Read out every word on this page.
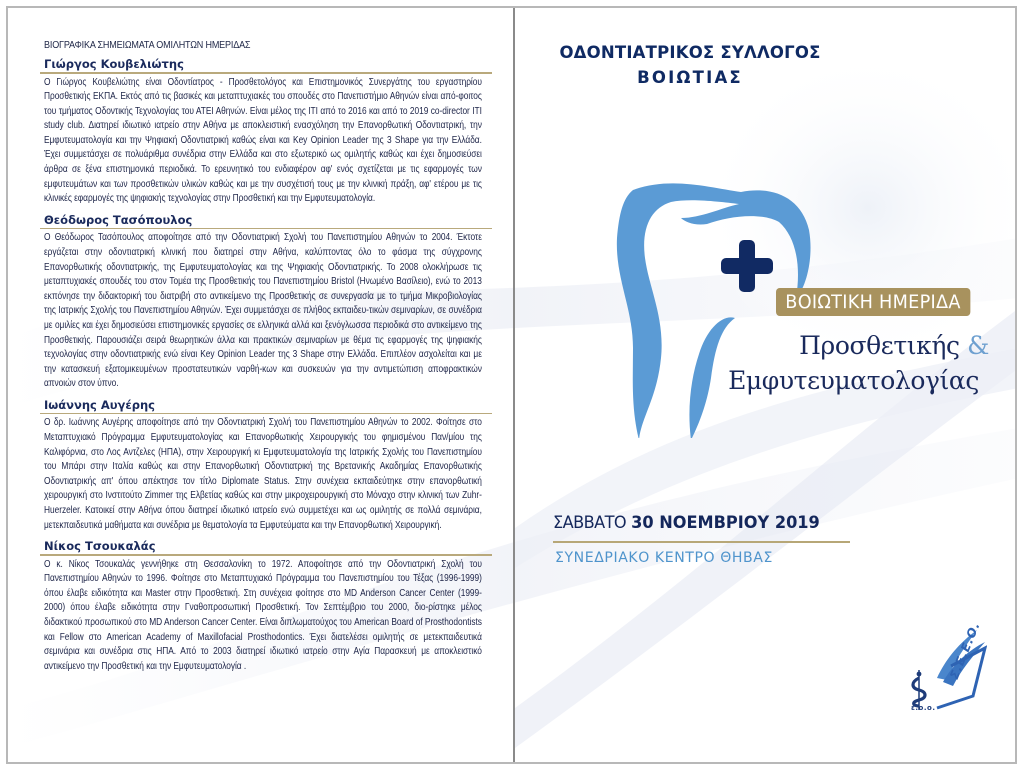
ΒΙΟΓΡΑΦΙΚΑ ΣΗΜΕΙΩΜΑΤΑ ΟΜΙΛΗΤΩΝ ΗΜΕΡΙΔΑΣ
Γιώργος Κουβελιώτης
Ο Γιώργος Κουβελιώτης είναι Οδοντίατρος - Προσθετολόγος και Επιστημονικός Συνεργάτης του εργαστηρίου Προσθετικής ΕΚΠΑ. Εκτός από τις βασικές και μεταπτυχιακές του σπουδές στο Πανεπιστήμιο Αθηνών είναι από-φοιτος του τμήματος Οδοντικής Τεχνολογίας του ΑΤΕΙ Αθηνών. Είναι μέλος της ITI από το 2016 και από το 2019 co-director ITI study club. Διατηρεί ιδιωτικό ιατρείο στην Αθήνα με αποκλειστική ενασχόληση την Επανορθωτική Οδοντιατρική, την Εμφυτευματολογία και την Ψηφιακή Οδοντιατρική καθώς είναι και Key Opinion Leader της 3 Shape για την Ελλάδα. Έχει συμμετάσχει σε πολυάριθμα συνέδρια στην Ελλάδα και στο εξωτερικό ως ομιλητής καθώς και έχει δημοσιεύσει άρθρα σε ξένα επιστημονικά περιοδικά. Το ερευνητικό του ενδιαφέρον αφ' ενός σχετίζεται με τις εφαρμογές των εμφυτευμάτων και των προσθετικών υλικών καθώς και με την συσχέτισή τους με την κλινική πράξη, αφ' ετέρου με τις κλινικές εφαρμογές της ψηφιακής τεχνολογίας στην Προσθετική και την Εμφυτευματολογία.
Θεόδωρος Τασόπουλος
Ο Θεόδωρος Τασόπουλος αποφοίτησε από την Οδοντιατρική Σχολή του Πανεπιστημίου Αθηνών το 2004. Έκτοτε εργάζεται στην οδοντιατρική κλινική που διατηρεί στην Αθήνα, καλύπτοντας όλο το φάσμα της σύγχρονης Επανορθωτικής οδοντιατρικής, της Εμφυτευματολογίας και της Ψηφιακής Οδοντιατρικής. Το 2008 ολοκλήρωσε τις μεταπτυχιακές σπουδές του στον Τομέα της Προσθετικής του Πανεπιστημίου Bristol (Ηνωμένο Βασίλειο), ενώ το 2013 εκπόνησε την διδακτορική του διατριβή στο αντικείμενο της Προσθετικής σε συνεργασία με το τμήμα Μικροβιολογίας της Ιατρικής Σχολής του Πανεπιστημίου Αθηνών. Έχει συμμετάσχει σε πλήθος εκπαιδευ-τικών σεμιναρίων, σε συνέδρια με ομιλίες και έχει δημοσιεύσει επιστημονικές εργασίες σε ελληνικά αλλά και ξενόγλωσσα περιοδικά στο αντικείμενο της Προσθετικής. Παρουσιάζει σειρά θεωρητικών άλλα και πρακτικών σεμιναρίων με θέμα τις εφαρμογές της ψηφιακής τεχνολογίας στην οδοντιατρικής ενώ είναι Key Opinion Leader της 3 Shape στην Ελλάδα. Επιπλέον ασχολείται και με την κατασκευή εξατομικευμένων προστατευτικών ναρθή-κων και συσκευών για την αντιμετώπιση αποφρακτικών απνοιών στον ύπνο.
Ιωάννης Αυγέρης
Ο δρ. Ιωάννης Αυγέρης αποφοίτησε από την Οδοντιατρική Σχολή του Πανεπιστημίου Αθηνών το 2002. Φοίτησε στο Μεταπτυχιακό Πρόγραμμα Εμφυτευματολογίας και Επανορθωτικής Χειρουργικής του φημισμένου Παν/μίου της Καλιφόρνια, στο Λος Αντζελες (ΗΠΑ), στην Χειρουργική κι Εμφυτευματολογία της Ιατρικής Σχολής του Πανεπιστημίου του Μπάρι στην Ιταλία καθώς και στην Επανορθωτική Οδοντιατρική της Βρετανικής Ακαδημίας Επανορθωτικής Οδοντιατρικής απ' όπου απέκτησε τον τίτλο Diplomate Status. Στην συνέχεια εκπαιδεύτηκε στην επανορθωτική χειρουργική στο Ινστιτούτο Zimmer της Ελβετίας καθώς και στην μικροχειρουργική στο Μόναχο στην κλινική των Zuhr-Huerzeler. Κατοικεί στην Αθήνα όπου διατηρεί ιδιωτικό ιατρείο ενώ συμμετέχει και ως ομιλητής σε πολλά σεμινάρια, μετεκπαιδευτικά μαθήματα και συνέδρια με θεματολογία τα Εμφυτεύματα και την Επανορθωτική Χειρουργική.
Νίκος Τσουκαλάς
Ο κ. Νίκος Τσουκαλάς γεννήθηκε στη Θεσσαλονίκη το 1972. Αποφοίτησε από την Οδοντιατρική Σχολή του Πανεπιστημίου Αθηνών το 1996. Φοίτησε στο Μεταπτυχιακό Πρόγραμμα του Πανεπιστημίου του Τέξας (1996-1999) όπου έλαβε ειδικότητα και Master στην Προσθετική. Στη συνέχεια φοίτησε στο MD Anderson Cancer Center (1999-2000) όπου έλαβε ειδικότητα στην Γναθοπροσωπική Προσθετική. Τον Σεπτέμβριο του 2000, διο-ρίστηκε μέλος διδακτικού προσωπικού στο MD Anderson Cancer Center. Είναι διπλωματούχος του American Board of Prosthodontists και Fellow στο American Academy of Maxillofacial Prosthodontics. Έχει διατελέσει ομιλητής σε μετεκπαιδευτικά σεμινάρια και συνέδρια στις ΗΠΑ. Από το 2003 διατηρεί ιδιωτικό ιατρείο στην Αγία Παρασκευή με αποκλειστικό αντικείμενο την Προσθετική και την Εμφυτευματολογία .
ΟΔΟΝΤΙΑΤΡΙΚΟΣ ΣΥΛΛΟΓΟΣ
ΒΟΙΩΤΙΑΣ
ΒΟΙΩΤΙΚΗ ΗΜΕΡΙΔΑ
Προσθετικής &
Εμφυτευματολογίας
ΣΑΒΒΑΤΟ 30 ΝΟΕΜΒΡΙΟΥ 2019
ΣΥΝΕΔΡΙΑΚΟ ΚΕΝΤΡΟ ΘΗΒΑΣ
ε.ο.ο.
Σ.Ε.Ε.Ο.
